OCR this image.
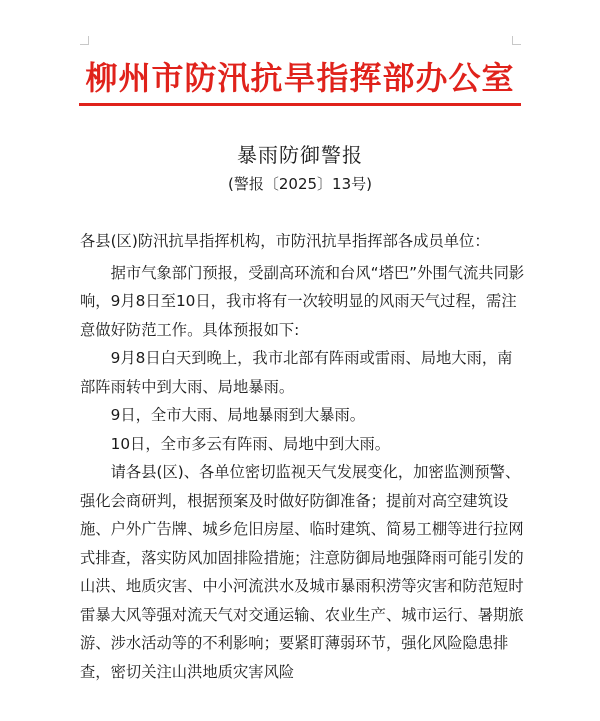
柳州市防汛抗旱指挥部办公室
暴雨防御警报
(警报〔2025〕13号)

各县(区)防汛抗旱指挥机构，市防汛抗旱指挥部各成员单位：

据市气象部门预报，受副高环流和台风“塔巴”外围气流共同影响，9月8日至10日，我市将有一次较明显的风雨天气过程，需注意做好防范工作。具体预报如下:

9月8日白天到晚上，我市北部有阵雨或雷雨、局地大雨，南部阵雨转中到大雨、局地暴雨。

9日，全市大雨、局地暴雨到大暴雨。

10日，全市多云有阵雨、局地中到大雨。

请各县(区)、各单位密切监视天气发展变化，加密监测预警、强化会商研判，根据预案及时做好防御准备；提前对高空建筑设施、户外广告牌、城乡危旧房屋、临时建筑、简易工棚等进行拉网式排查，落实防风加固排险措施；注意防御局地强降雨可能引发的山洪、地质灾害、中小河流洪水及城市暴雨积涝等灾害和防范短时雷暴大风等强对流天气对交通运输、农业生产、城市运行、暑期旅游、涉水活动等的不利影响；要紧盯薄弱环节，强化风险隐患排查，密切关注山洪地质灾害风险
